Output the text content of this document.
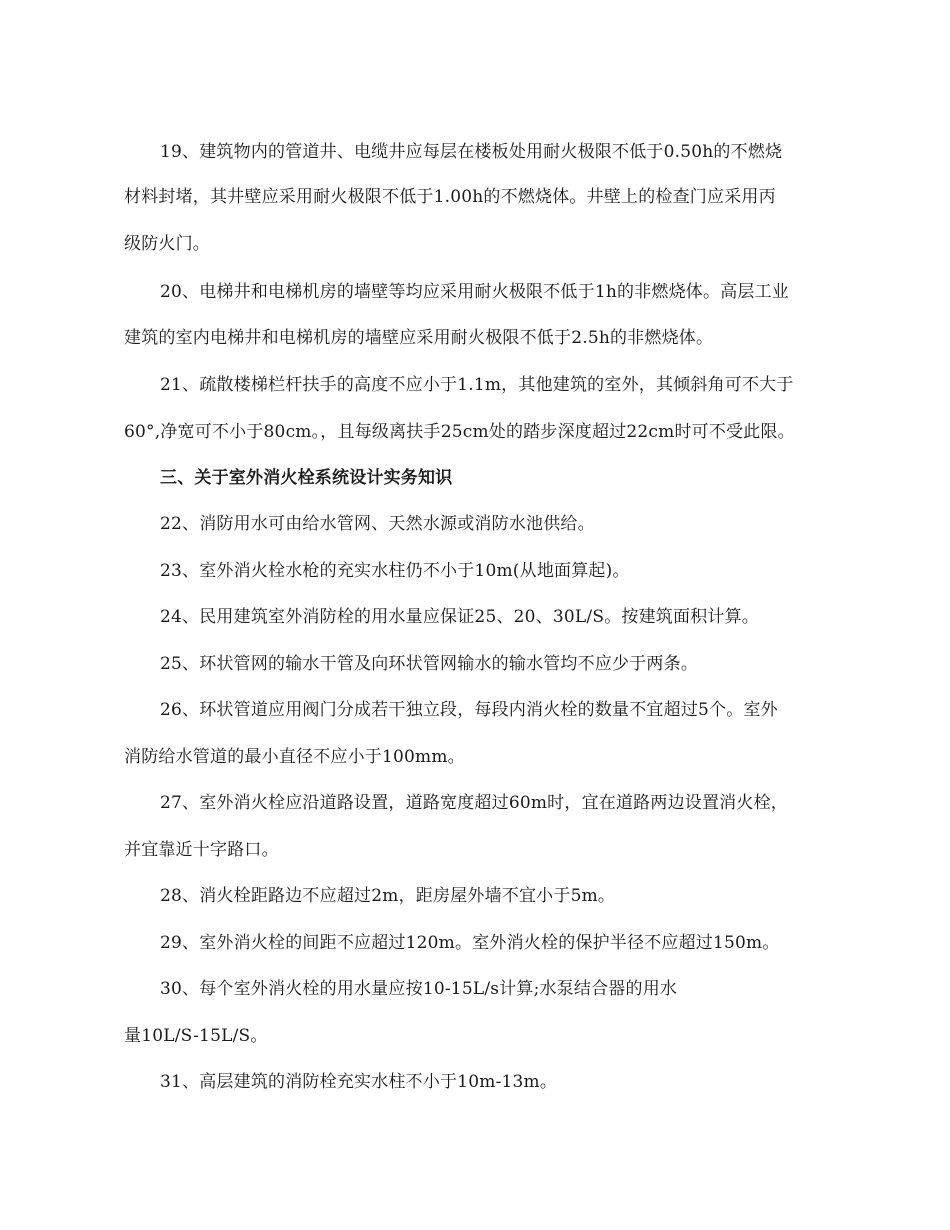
19、建筑物内的管道井、电缆井应每层在楼板处用耐火极限不低于0.50h的不燃烧
材料封堵，其井壁应采用耐火极限不低于1.00h的不燃烧体。井壁上的检查门应采用丙
级防火门。
20、电梯井和电梯机房的墙壁等均应采用耐火极限不低于1h的非燃烧体。高层工业
建筑的室内电梯井和电梯机房的墙壁应采用耐火极限不低于2.5h的非燃烧体。
21、疏散楼梯栏杆扶手的高度不应小于1.1m，其他建筑的室外，其倾斜角可不大于
60°,净宽可不小于80cm。，且每级离扶手25cm处的踏步深度超过22cm时可不受此限。
三、关于室外消火栓系统设计实务知识
22、消防用水可由给水管网、天然水源或消防水池供给。
23、室外消火栓水枪的充实水柱仍不小于10m(从地面算起)。
24、民用建筑室外消防栓的用水量应保证25、20、30L/S。按建筑面积计算。
25、环状管网的输水干管及向环状管网输水的输水管均不应少于两条。
26、环状管道应用阀门分成若干独立段，每段内消火栓的数量不宜超过5个。室外
消防给水管道的最小直径不应小于100mm。
27、室外消火栓应沿道路设置，道路宽度超过60m时，宜在道路两边设置消火栓，
并宜靠近十字路口。
28、消火栓距路边不应超过2m，距房屋外墙不宜小于5m。
29、室外消火栓的间距不应超过120m。室外消火栓的保护半径不应超过150m。
30、每个室外消火栓的用水量应按10-15L/s计算;水泵结合器的用水
量10L/S-15L/S。
31、高层建筑的消防栓充实水柱不小于10m-13m。
